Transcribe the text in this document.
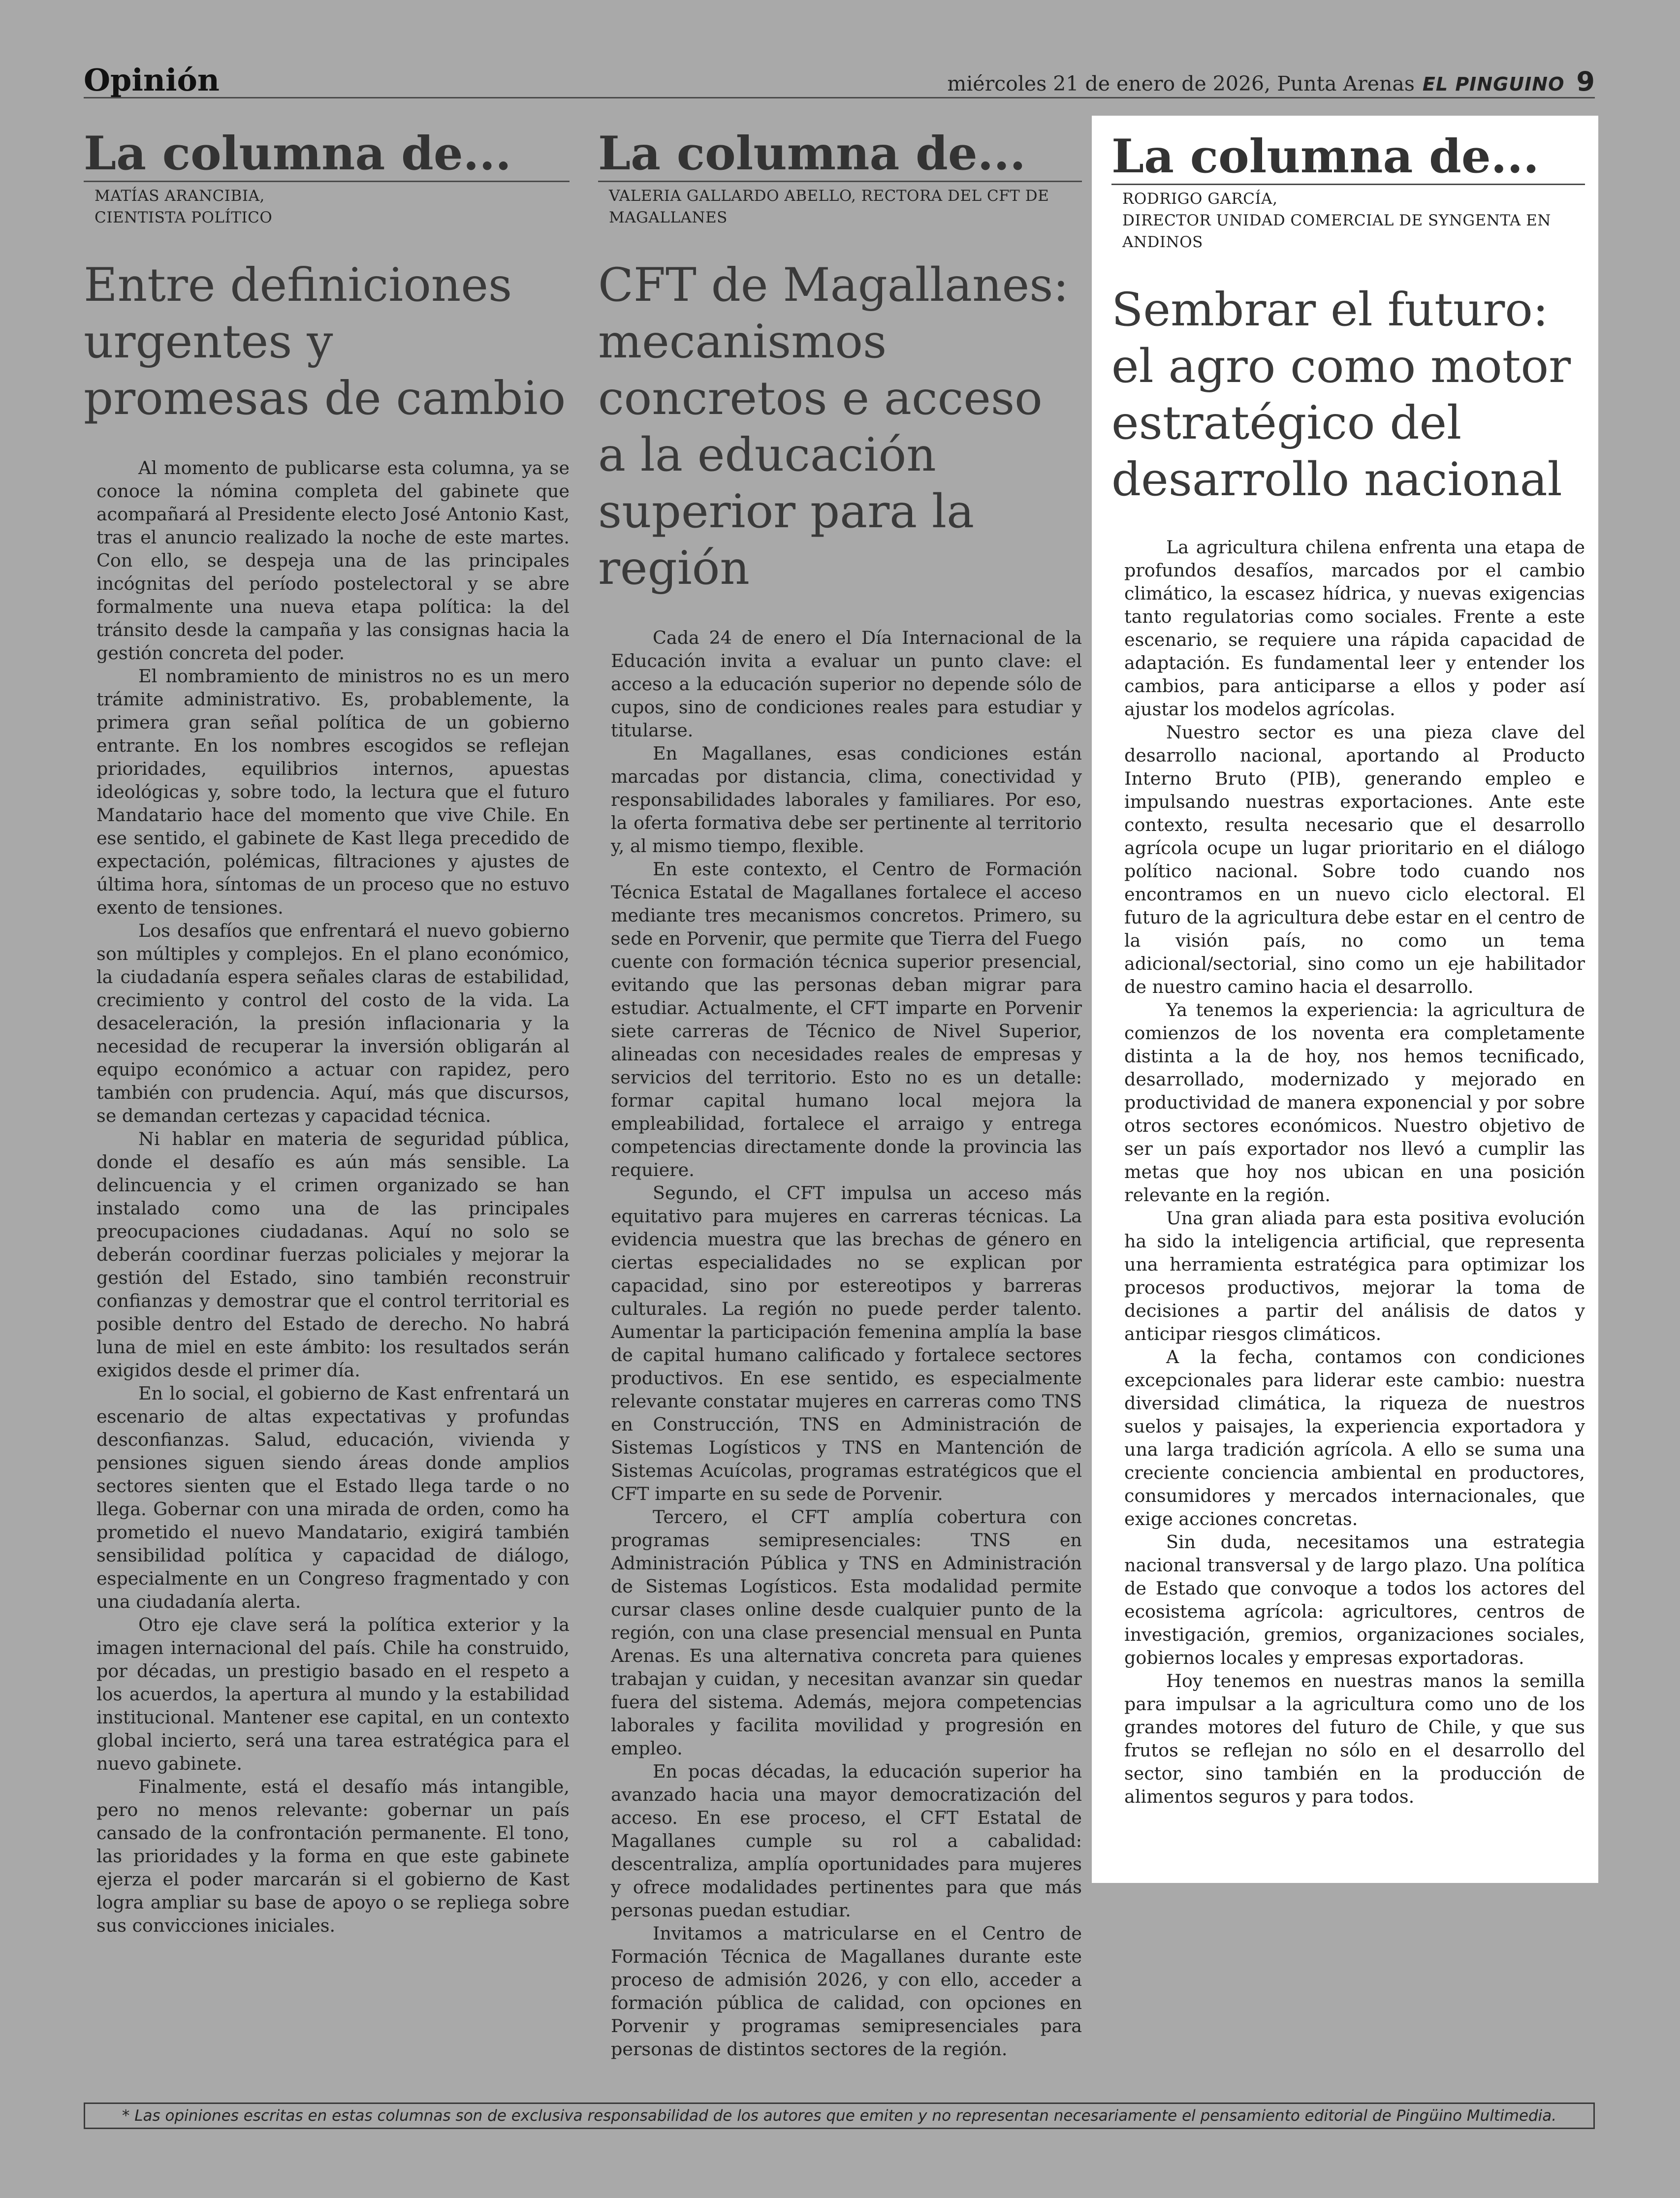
Opinión	miércoles 21 de enero de 2026, Punta Arenas EL PINGUINO 9
La columna de...
MATÍAS ARANCIBIA,
CIENTISTA POLÍTICO
Entre definiciones urgentes y promesas de cambio

Al momento de publicarse esta columna, ya se conoce la nómina completa del gabinete que acompañará al Presidente electo José Antonio Kast, tras el anuncio realizado la noche de este martes. Con ello, se despeja una de las principales incógnitas del período postelectoral y se abre formalmente una nueva etapa política: la del tránsito desde la campaña y las consignas hacia la gestión concreta del poder.

El nombramiento de ministros no es un mero trámite administrativo. Es, probablemente, la primera gran señal política de un gobierno entrante. En los nombres escogidos se reflejan prioridades, equilibrios internos, apuestas ideológicas y, sobre todo, la lectura que el futuro Mandatario hace del momento que vive Chile. En ese sentido, el gabinete de Kast llega precedido de expectación, polémicas, filtraciones y ajustes de última hora, síntomas de un proceso que no estuvo exento de tensiones.

Los desafíos que enfrentará el nuevo gobierno son múltiples y complejos. En el plano económico, la ciudadanía espera señales claras de estabilidad, crecimiento y control del costo de la vida. La desaceleración, la presión inflacionaria y la necesidad de recuperar la inversión obligarán al equipo económico a actuar con rapidez, pero también con prudencia. Aquí, más que discursos, se demandan certezas y capacidad técnica.

Ni hablar en materia de seguridad pública, donde el desafío es aún más sensible. La delincuencia y el crimen organizado se han instalado como una de las principales preocupaciones ciudadanas. Aquí no solo se deberán coordinar fuerzas policiales y mejorar la gestión del Estado, sino también reconstruir confianzas y demostrar que el control territorial es posible dentro del Estado de derecho. No habrá luna de miel en este ámbito: los resultados serán exigidos desde el primer día.

En lo social, el gobierno de Kast enfrentará un escenario de altas expectativas y profundas desconfianzas. Salud, educación, vivienda y pensiones siguen siendo áreas donde amplios sectores sienten que el Estado llega tarde o no llega. Gobernar con una mirada de orden, como ha prometido el nuevo Mandatario, exigirá también sensibilidad política y capacidad de diálogo, especialmente en un Congreso fragmentado y con una ciudadanía alerta.

Otro eje clave será la política exterior y la imagen internacional del país. Chile ha construido, por décadas, un prestigio basado en el respeto a los acuerdos, la apertura al mundo y la estabilidad institucional. Mantener ese capital, en un contexto global incierto, será una tarea estratégica para el nuevo gabinete.

Finalmente, está el desafío más intangible, pero no menos relevante: gobernar un país cansado de la confrontación permanente. El tono, las prioridades y la forma en que este gabinete ejerza el poder marcarán si el gobierno de Kast logra ampliar su base de apoyo o se repliega sobre sus convicciones iniciales.

La columna de...
VALERIA GALLARDO ABELLO, RECTORA DEL CFT DE
MAGALLANES
CFT de Magallanes: mecanismos concretos e acceso a la educación superior para la región

Cada 24 de enero el Día Internacional de la Educación invita a evaluar un punto clave: el acceso a la educación superior no depende sólo de cupos, sino de condiciones reales para estudiar y titularse.

En Magallanes, esas condiciones están marcadas por distancia, clima, conectividad y responsabilidades laborales y familiares. Por eso, la oferta formativa debe ser pertinente al territorio y, al mismo tiempo, flexible.

En este contexto, el Centro de Formación Técnica Estatal de Magallanes fortalece el acceso mediante tres mecanismos concretos. Primero, su sede en Porvenir, que permite que Tierra del Fuego cuente con formación técnica superior presencial, evitando que las personas deban migrar para estudiar. Actualmente, el CFT imparte en Porvenir siete carreras de Técnico de Nivel Superior, alineadas con necesidades reales de empresas y servicios del territorio. Esto no es un detalle: formar capital humano local mejora la empleabilidad, fortalece el arraigo y entrega competencias directamente donde la provincia las requiere.

Segundo, el CFT impulsa un acceso más equitativo para mujeres en carreras técnicas. La evidencia muestra que las brechas de género en ciertas especialidades no se explican por capacidad, sino por estereotipos y barreras culturales. La región no puede perder talento. Aumentar la participación femenina amplía la base de capital humano calificado y fortalece sectores productivos. En ese sentido, es especialmente relevante constatar mujeres en carreras como TNS en Construcción, TNS en Administración de Sistemas Logísticos y TNS en Mantención de Sistemas Acuícolas, programas estratégicos que el CFT imparte en su sede de Porvenir.

Tercero, el CFT amplía cobertura con programas semipresenciales: TNS en Administración Pública y TNS en Administración de Sistemas Logísticos. Esta modalidad permite cursar clases online desde cualquier punto de la región, con una clase presencial mensual en Punta Arenas. Es una alternativa concreta para quienes trabajan y cuidan, y necesitan avanzar sin quedar fuera del sistema. Además, mejora competencias laborales y facilita movilidad y progresión en empleo.

En pocas décadas, la educación superior ha avanzado hacia una mayor democratización del acceso. En ese proceso, el CFT Estatal de Magallanes cumple su rol a cabalidad: descentraliza, amplía oportunidades para mujeres y ofrece modalidades pertinentes para que más personas puedan estudiar.

Invitamos a matricularse en el Centro de Formación Técnica de Magallanes durante este proceso de admisión 2026, y con ello, acceder a formación pública de calidad, con opciones en Porvenir y programas semipresenciales para personas de distintos sectores de la región.

La columna de...
RODRIGO GARCÍA,
DIRECTOR UNIDAD COMERCIAL DE SYNGENTA EN ANDINOS
Sembrar el futuro: el agro como motor estratégico del desarrollo nacional

La agricultura chilena enfrenta una etapa de profundos desafíos, marcados por el cambio climático, la escasez hídrica, y nuevas exigencias tanto regulatorias como sociales. Frente a este escenario, se requiere una rápida capacidad de adaptación. Es fundamental leer y entender los cambios, para anticiparse a ellos y poder así ajustar los modelos agrícolas.

Nuestro sector es una pieza clave del desarrollo nacional, aportando al Producto Interno Bruto (PIB), generando empleo e impulsando nuestras exportaciones. Ante este contexto, resulta necesario que el desarrollo agrícola ocupe un lugar prioritario en el diálogo político nacional. Sobre todo cuando nos encontramos en un nuevo ciclo electoral. El futuro de la agricultura debe estar en el centro de la visión país, no como un tema adicional/sectorial, sino como un eje habilitador de nuestro camino hacia el desarrollo.

Ya tenemos la experiencia: la agricultura de comienzos de los noventa era completamente distinta a la de hoy, nos hemos tecnificado, desarrollado, modernizado y mejorado en productividad de manera exponencial y por sobre otros sectores económicos. Nuestro objetivo de ser un país exportador nos llevó a cumplir las metas que hoy nos ubican en una posición relevante en la región.

Una gran aliada para esta positiva evolución ha sido la inteligencia artificial, que representa una herramienta estratégica para optimizar los procesos productivos, mejorar la toma de decisiones a partir del análisis de datos y anticipar riesgos climáticos.

A la fecha, contamos con condiciones excepcionales para liderar este cambio: nuestra diversidad climática, la riqueza de nuestros suelos y paisajes, la experiencia exportadora y una larga tradición agrícola. A ello se suma una creciente conciencia ambiental en productores, consumidores y mercados internacionales, que exige acciones concretas.

Sin duda, necesitamos una estrategia nacional transversal y de largo plazo. Una política de Estado que convoque a todos los actores del ecosistema agrícola: agricultores, centros de investigación, gremios, organizaciones sociales, gobiernos locales y empresas exportadoras.

Hoy tenemos en nuestras manos la semilla para impulsar a la agricultura como uno de los grandes motores del futuro de Chile, y que sus frutos se reflejan no sólo en el desarrollo del sector, sino también en la producción de alimentos seguros y para todos.

* Las opiniones escritas en estas columnas son de exclusiva responsabilidad de los autores que emiten y no representan necesariamente el pensamiento editorial de Pingüino Multimedia.
